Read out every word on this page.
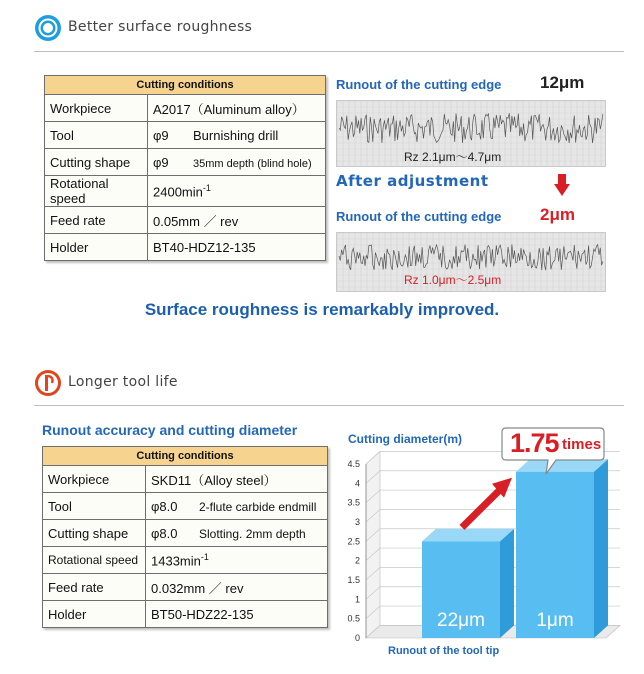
Better surface roughness
Cutting conditions	
Workpiece	A2017（Aluminum alloy）
Tool	φ9 Burnishing drill
Cutting shape	φ9 35mm depth (blind hole)
Rotational speed	$2400\min^{-1}$
Feed rate	0.05mm ／ rev
Holder	BT40-HDZ12-135
Runout of the cutting edge 12μm
Rz 2.1μm～4.7μm
After adjustment
Runout of the cutting edge 2μm
Rz 1.0μm～2.5μm
Surface roughness is remarkably improved.
Longer tool life
Runout accuracy and cutting diameter
Cutting conditions	
Workpiece	SKD11（Alloy steel）
Tool	φ8.0 2-flute carbide endmill
Cutting shape	φ8.0 Slotting. 2mm depth
Rotational speed	$1433\min^{-1}$
Feed rate	0.032mm ／ rev
Holder	BT50-HDZ22-135
Cutting diameter(m)
0
0.5
1
1.5
2
2.5
3
3.5
4
4.5
22μm	1μm
Runout of the tool tip
1.75 times
